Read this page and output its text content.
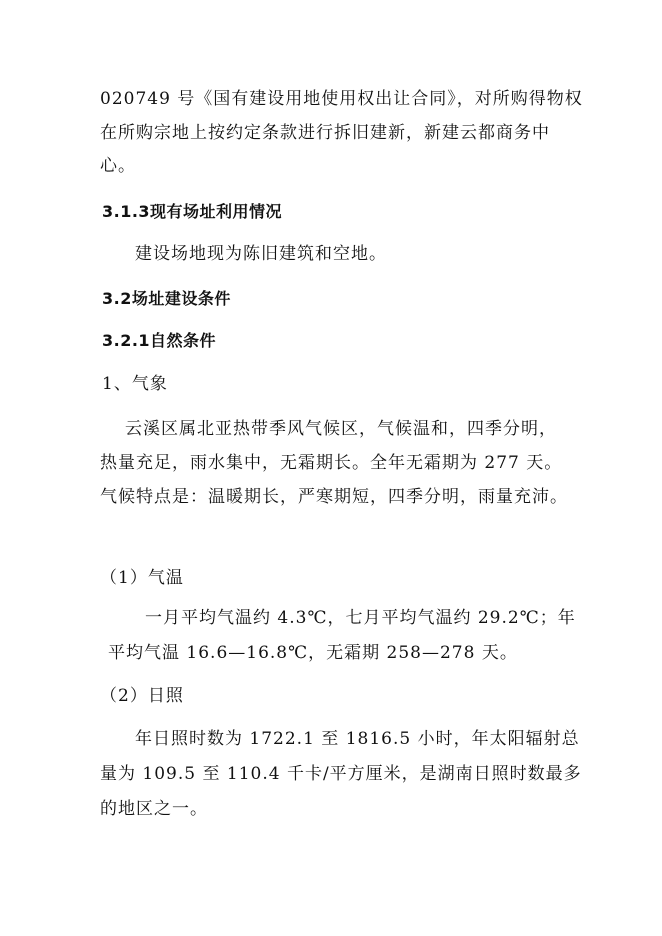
020749 号《国有建设用地使用权出让合同》，对所购得物权
在所购宗地上按约定条款进行拆旧建新，新建云都商务中
心。
3.1.3现有场址利用情况
建设场地现为陈旧建筑和空地。
3.2场址建设条件
3.2.1自然条件
1、气象
云溪区属北亚热带季风气候区，气候温和，四季分明，
热量充足，雨水集中，无霜期长。全年无霜期为 277 天。
气候特点是：温暖期长，严寒期短，四季分明，雨量充沛。
（1）气温
一月平均气温约 4.3℃，七月平均气温约 29.2℃；年
平均气温 16.6—16.8℃，无霜期 258—278 天。
（2）日照
年日照时数为 1722.1 至 1816.5 小时，年太阳辐射总
量为 109.5 至 110.4 千卡/平方厘米，是湖南日照时数最多
的地区之一。
